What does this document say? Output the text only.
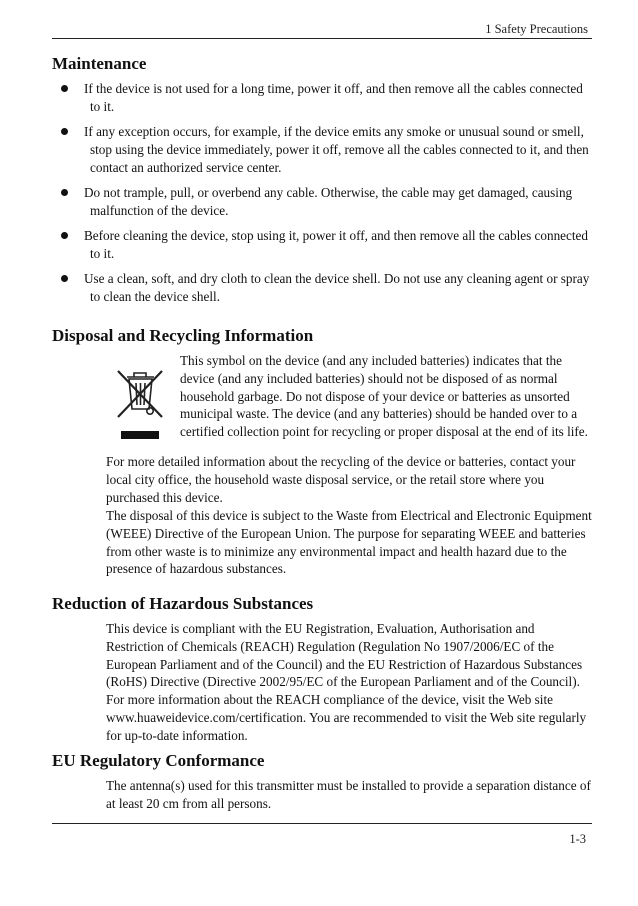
1 Safety Precautions
Maintenance
If the device is not used for a long time, power it off, and then remove all the cables connected to it.
If any exception occurs, for example, if the device emits any smoke or unusual sound or smell, stop using the device immediately, power it off, remove all the cables connected to it, and then contact an authorized service center.
Do not trample, pull, or overbend any cable. Otherwise, the cable may get damaged, causing malfunction of the device.
Before cleaning the device, stop using it, power it off, and then remove all the cables connected to it.
Use a clean, soft, and dry cloth to clean the device shell. Do not use any cleaning agent or spray to clean the device shell.
Disposal and Recycling Information
This symbol on the device (and any included batteries) indicates that the device (and any included batteries) should not be disposed of as normal household garbage. Do not dispose of your device or batteries as unsorted municipal waste. The device (and any batteries) should be handed over to a certified collection point for recycling or proper disposal at the end of its life.
For more detailed information about the recycling of the device or batteries, contact your local city office, the household waste disposal service, or the retail store where you purchased this device.
The disposal of this device is subject to the Waste from Electrical and Electronic Equipment (WEEE) Directive of the European Union. The purpose for separating WEEE and batteries from other waste is to minimize any environmental impact and health hazard due to the presence of hazardous substances.
Reduction of Hazardous Substances
This device is compliant with the EU Registration, Evaluation, Authorisation and Restriction of Chemicals (REACH) Regulation (Regulation No 1907/2006/EC of the European Parliament and of the Council) and the EU Restriction of Hazardous Substances (RoHS) Directive (Directive 2002/95/EC of the European Parliament and of the Council). For more information about the REACH compliance of the device, visit the Web site www.huaweidevice.com/certification. You are recommended to visit the Web site regularly for up-to-date information.
EU Regulatory Conformance
The antenna(s) used for this transmitter must be installed to provide a separation distance of at least 20 cm from all persons.
1-3
